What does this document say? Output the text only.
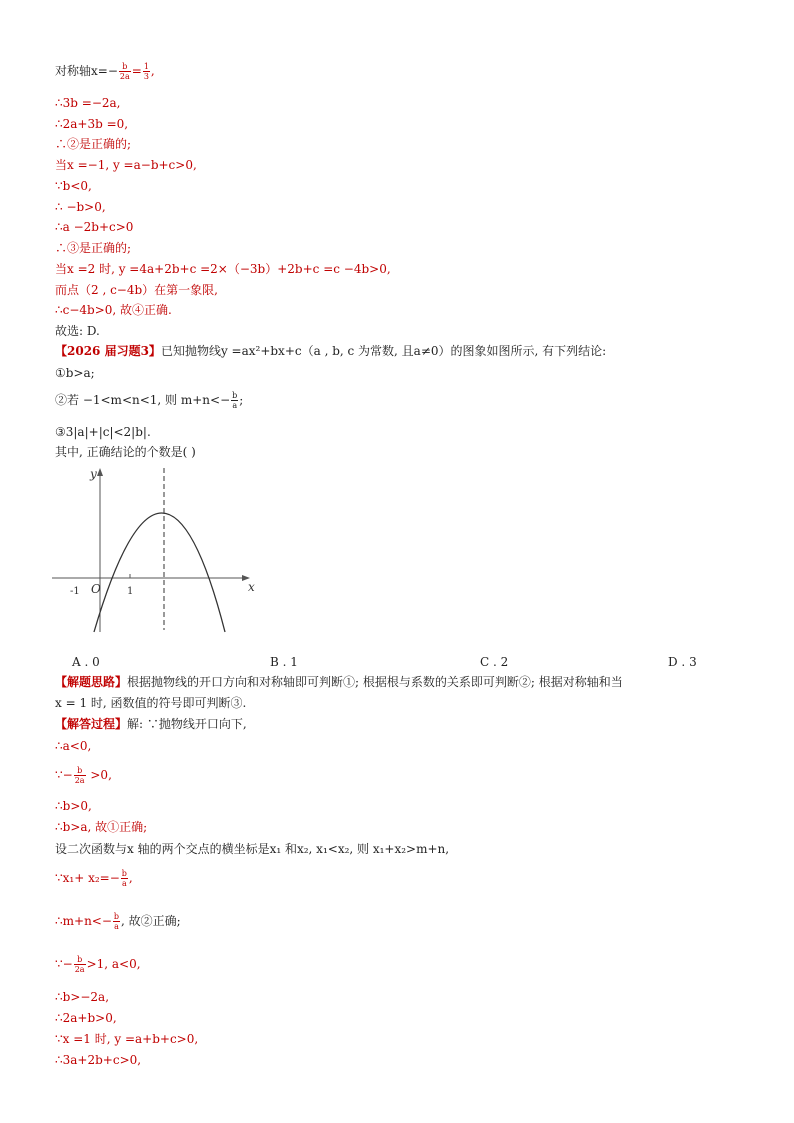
对称轴$x=- \frac{b}{2a} = \frac{1}{3}$ ,
∴3b =−2a,
∴2a+3b =0,
∴②是正确的;
当x =−1, y =a−b+c>0,
∵b<0,
∴ −b>0,
∴a −2b+c>0
∴③是正确的;
当x =2 时, y =4a+2b+c =2×（−3b）+2b+c =c −4b>0,
而点（2 , c−4b）在第一象限,
∴c−4b>0, 故④正确.
故选: D.
【2026 届习题3】已知抛物线y =ax²+bx+c（a , b, c 为常数, 且a≠0）的图象如图所示, 有下列结论:
①b>a;
②若 −1<m<n<1, 则 $m+n<- \frac{b}{a}$ ;
③3|a|+|c|<2|b|.
其中, 正确结论的个数是( )
y
x
O
-1	1
A . 0	B . 1	C . 2	D . 3
【解题思路】根据抛物线的开口方向和对称轴即可判断①; 根据根与系数的关系即可判断②; 根据对称轴和当
x = 1 时, 函数值的符号即可判断③.
【解答过程】解: ∵抛物线开口向下,
∴a<0,
∵− $\frac{b}{2a} >0$,
∴b>0,
∴b>a, 故①正确;
设二次函数与x 轴的两个交点的横坐标是x₁ 和x₂, x₁<x₂, 则 x₁+x₂>m+n,
∵x₁+ $x_2=- \frac{b}{a}$ ,
∴m+n<− $\frac{b}{a}$ , 故②正确;
∵− $\frac{b}{2a} >1$, a<0,
∴b>−2a,
∴2a+b>0,
∵x =1 时, y =a+b+c>0,
∴3a+2b+c>0,
